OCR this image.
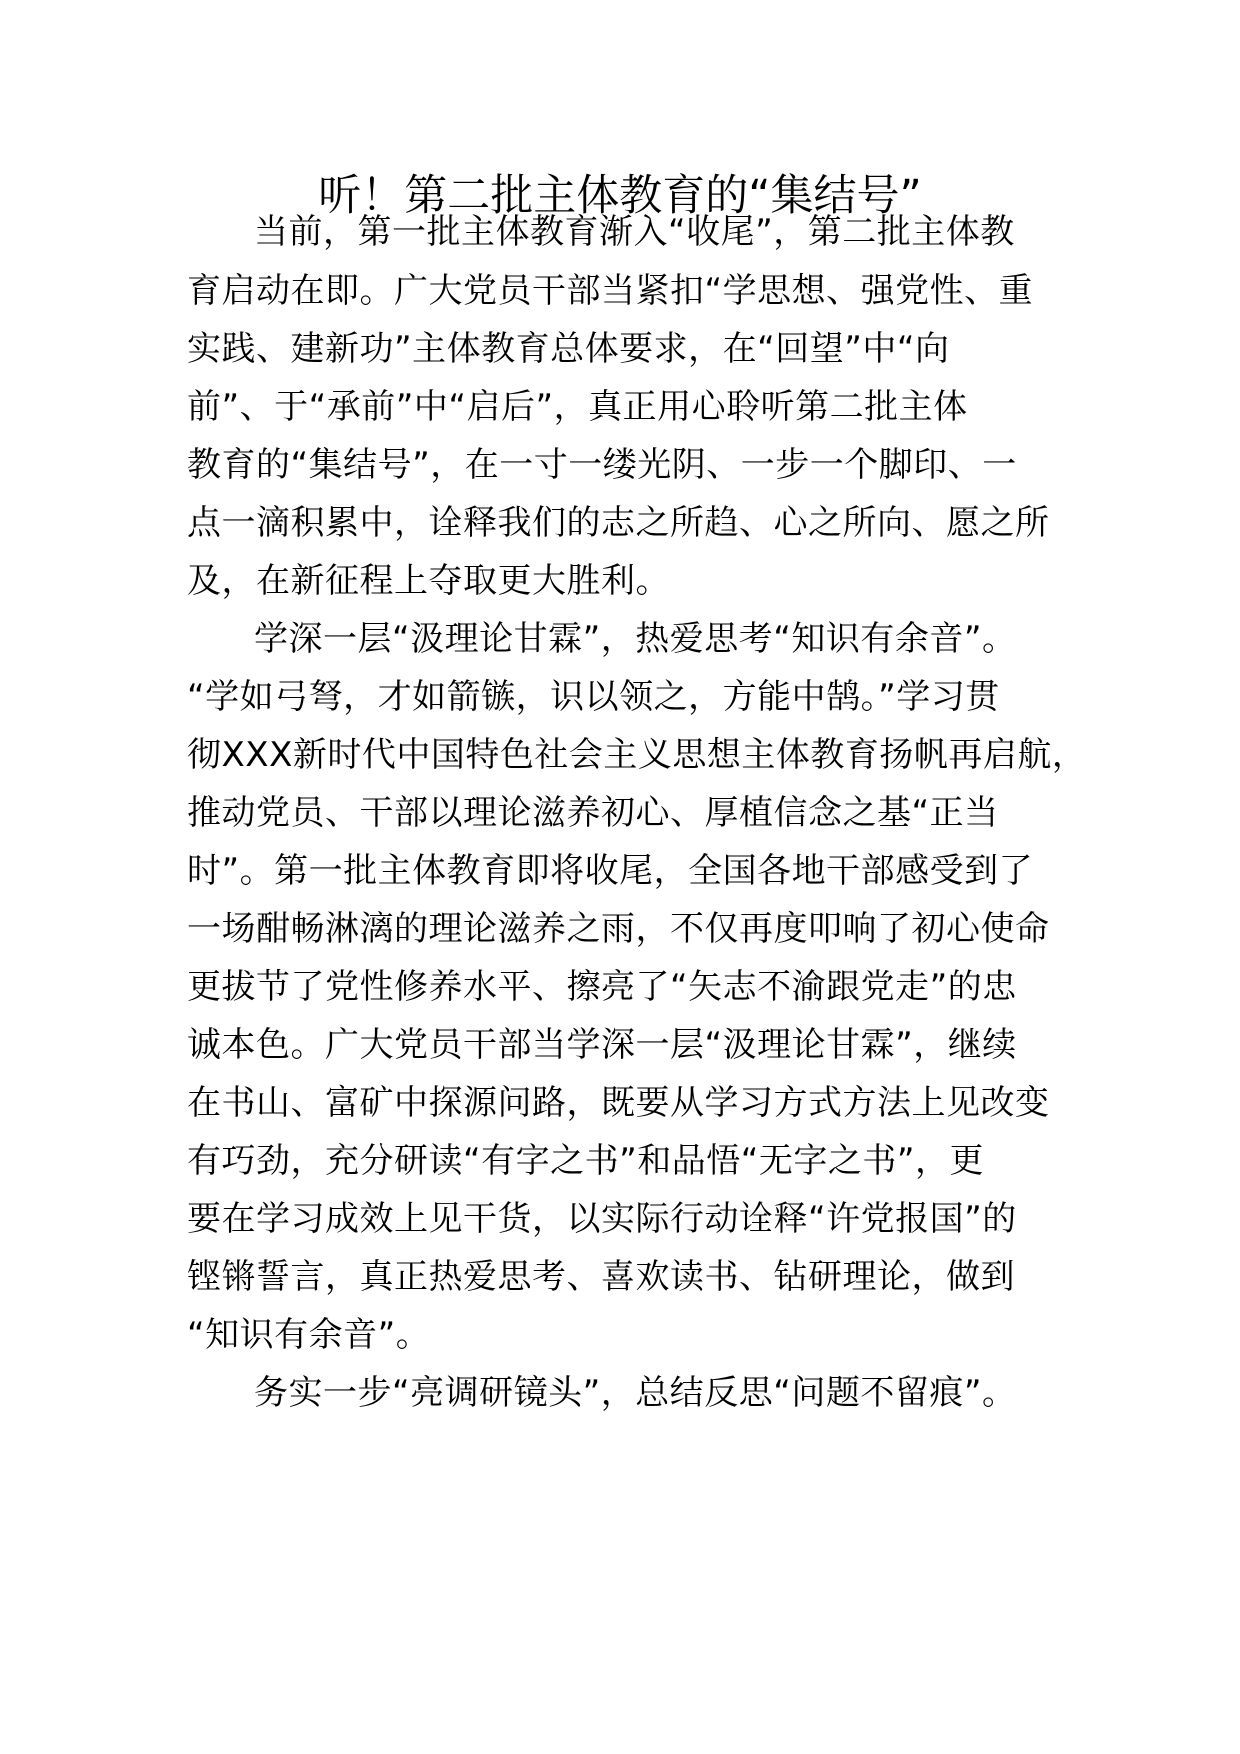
听！第二批主体教育的“集结号”
当前，第一批主体教育渐入“收尾”，第二批主体教
育启动在即。广大党员干部当紧扣“学思想、强党性、重
实践、建新功”主体教育总体要求，在“回望”中“向
前”、于“承前”中“启后”，真正用心聆听第二批主体
教育的“集结号”，在一寸一缕光阴、一步一个脚印、一
点一滴积累中，诠释我们的志之所趋、心之所向、愿之所
及，在新征程上夺取更大胜利。
学深一层“汲理论甘霖”，热爱思考“知识有余音”。
“学如弓弩，才如箭镞，识以领之，方能中鹄。”学习贯
彻XXX新时代中国特色社会主义思想主体教育扬帆再启航，
推动党员、干部以理论滋养初心、厚植信念之基“正当
时”。第一批主体教育即将收尾，全国各地干部感受到了
一场酣畅淋漓的理论滋养之雨，不仅再度叩响了初心使命
更拔节了党性修养水平、擦亮了“矢志不渝跟党走”的忠
诚本色。广大党员干部当学深一层“汲理论甘霖”，继续
在书山、富矿中探源问路，既要从学习方式方法上见改变
有巧劲，充分研读“有字之书”和品悟“无字之书”，更
要在学习成效上见干货，以实际行动诠释“许党报国”的
铿锵誓言，真正热爱思考、喜欢读书、钻研理论，做到
“知识有余音”。
务实一步“亮调研镜头”，总结反思“问题不留痕”。
